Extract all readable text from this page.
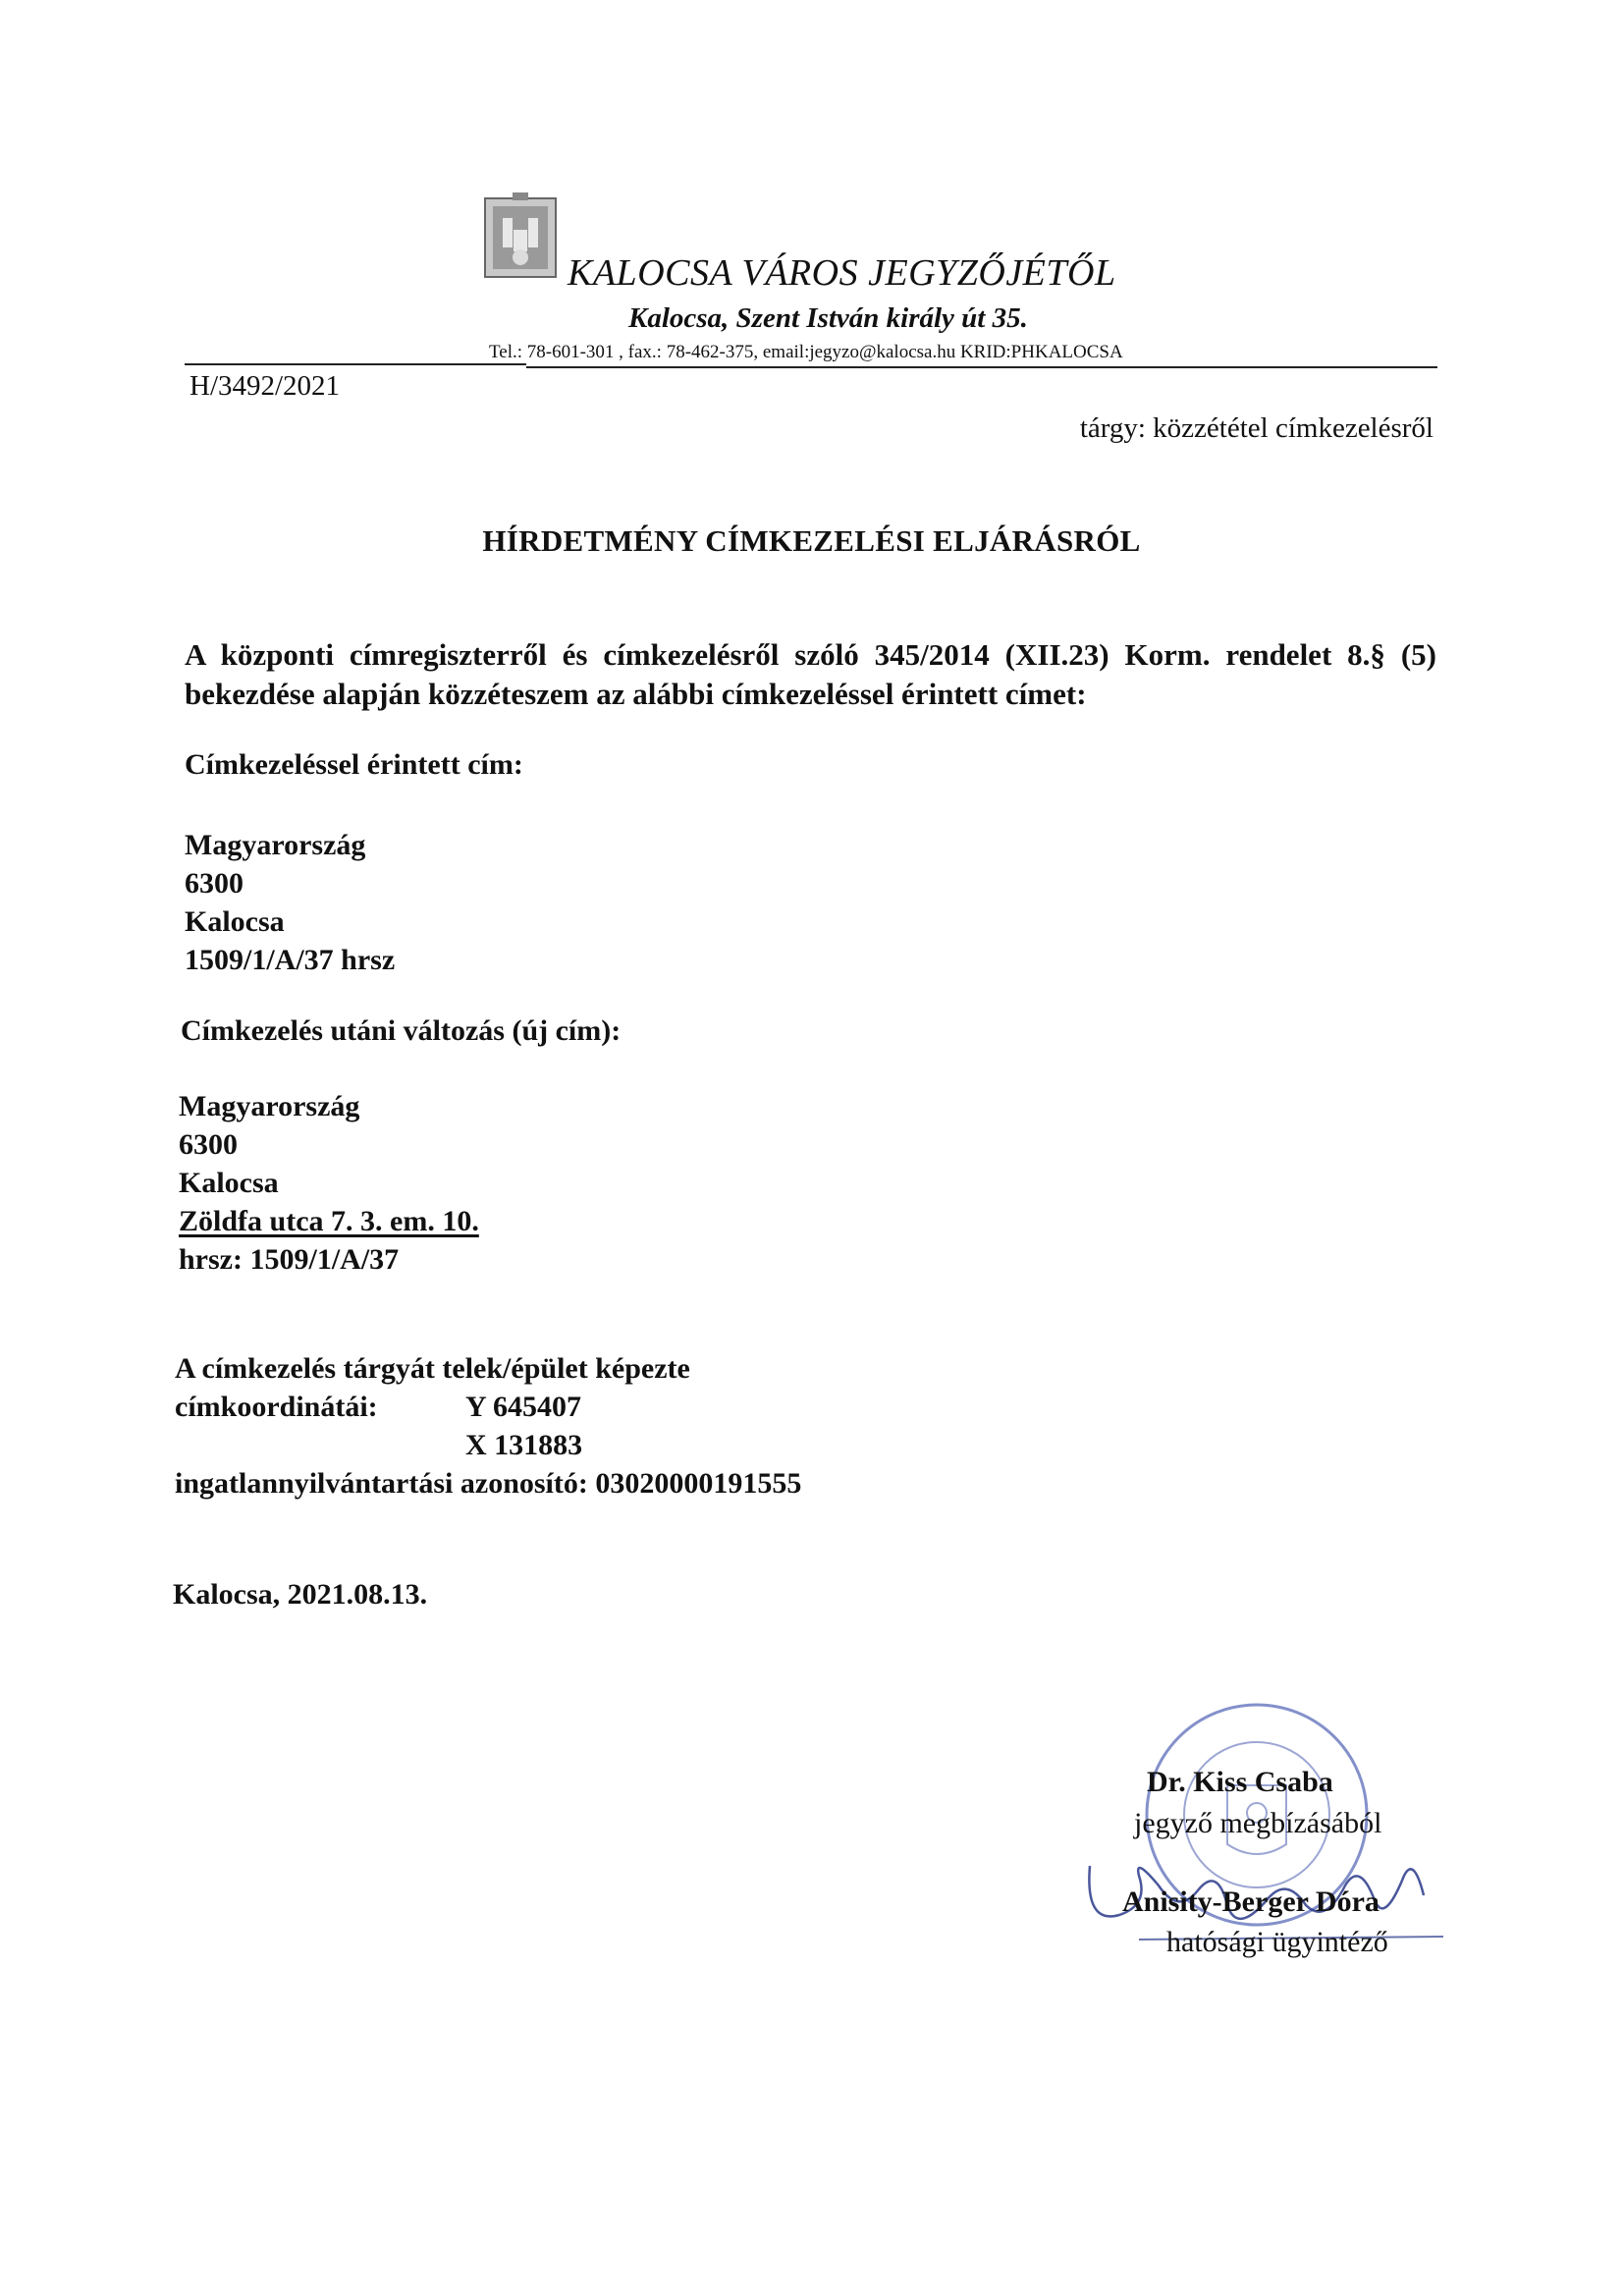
KALOCSA VÁROS JEGYZŐJÉTŐL
Kalocsa, Szent István király út 35.
Tel.: 78-601-301 , fax.: 78-462-375, email:jegyzo@kalocsa.hu KRID:PHKALOCSA
H/3492/2021
tárgy: közzététel címkezelésről
HÍRDETMÉNY CÍMKEZELÉSI ELJÁRÁSRÓL
A központi címregiszterről és címkezelésről szóló 345/2014 (XII.23) Korm. rendelet 8.§ (5) bekezdése alapján közzéteszem az alábbi címkezeléssel érintett címet:
Címkezeléssel érintett cím:
Magyarország
6300
Kalocsa
1509/1/A/37 hrsz
Címkezelés utáni változás (új cím):
Magyarország
6300
Kalocsa
Zöldfa utca 7. 3. em. 10.
hrsz: 1509/1/A/37
A címkezelés tárgyát telek/épület képezte
címkoordinátái:	Y 645407

X 131883
ingatlannyilvántartási azonosító: 03020000191555
Kalocsa, 2021.08.13.
Dr. Kiss Csaba
jegyző megbízásából
Anisity-Berger Dóra
hatósági ügyintéző
